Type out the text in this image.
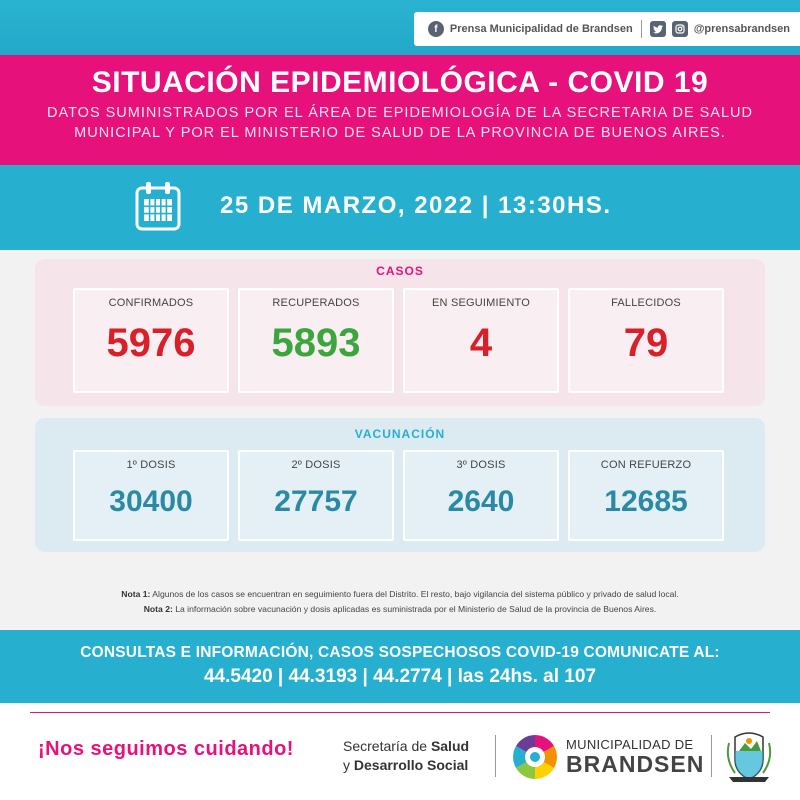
f	Prensa Municipalidad de Brandsen	@prensabrandsen
SITUACIÓN EPIDEMIOLÓGICA - COVID 19
DATOS SUMINISTRADOS POR EL ÁREA DE EPIDEMIOLOGÍA DE LA SECRETARIA DE SALUD
MUNICIPAL Y POR EL MINISTERIO DE SALUD DE LA PROVINCIA DE BUENOS AIRES.
25 DE MARZO, 2022 | 13:30HS.
CASOS
CONFIRMADOS
5976
RECUPERADOS
5893
EN SEGUIMIENTO
4
FALLECIDOS
79
VACUNACIÓN
1º DOSIS
30400
2º DOSIS
27757
3º DOSIS
2640
CON REFUERZO
12685
Nota 1: Algunos de los casos se encuentran en seguimiento fuera del Distrito. El resto, bajo vigilancia del sistema público y privado de salud local.
Nota 2: La información sobre vacunación y dosis aplicadas es suministrada por el Ministerio de Salud de la provincia de Buenos Aires.
CONSULTAS E INFORMACIÓN, CASOS SOSPECHOSOS COVID-19 COMUNICATE AL:
44.5420 | 44.3193 | 44.2774 | las 24hs. al 107
¡Nos seguimos cuidando!	Secretaría de Salud
y Desarrollo Social
MUNICIPALIDAD DE
BRANDSEN
